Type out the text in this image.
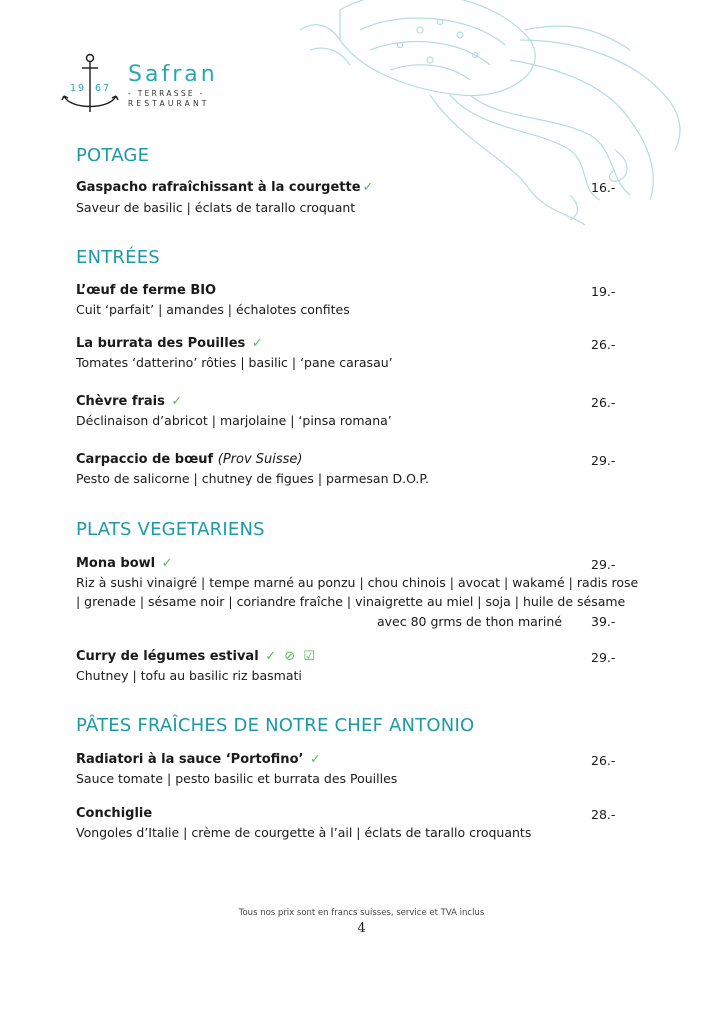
19 67
Safran
- TERRASSE -
RESTAURANT
POTAGE
Gaspacho rafraîchissant à la courgette ✓	16.-
Saveur de basilic | éclats de tarallo croquant
ENTRÉES
L’œuf de ferme BIO	19.-
Cuit ‘parfait’ | amandes | échalotes confites
La burrata des Pouilles ✓	26.-
Tomates ‘datterino’ rôties | basilic | ‘pane carasau’
Chèvre frais ✓	26.-
Déclinaison d’abricot | marjolaine | ‘pinsa romana’
Carpaccio de bœuf (Prov Suisse)	29.-
Pesto de salicorne | chutney de figues | parmesan D.O.P.
PLATS VEGETARIENS
Mona bowl ✓	29.-
Riz à sushi vinaigré | tempe marné au ponzu | chou chinois | avocat | wakamé | radis rose
| grenade | sésame noir | coriandre fraîche | vinaigrette au miel | soja | huile de sésame
avec 80 grms de thon mariné 39.-
Curry de légumes estival ✓ ⊘ ☑	29.-
Chutney | tofu au basilic riz basmati
PÂTES FRAÎCHES DE NOTRE CHEF ANTONIO
Radiatori à la sauce ‘Portofino’ ✓	26.-
Sauce tomate | pesto basilic et burrata des Pouilles
Conchiglie	28.-
Vongoles d’Italie | crème de courgette à l’ail | éclats de tarallo croquants
Tous nos prix sont en francs suisses, service et TVA inclus
4
